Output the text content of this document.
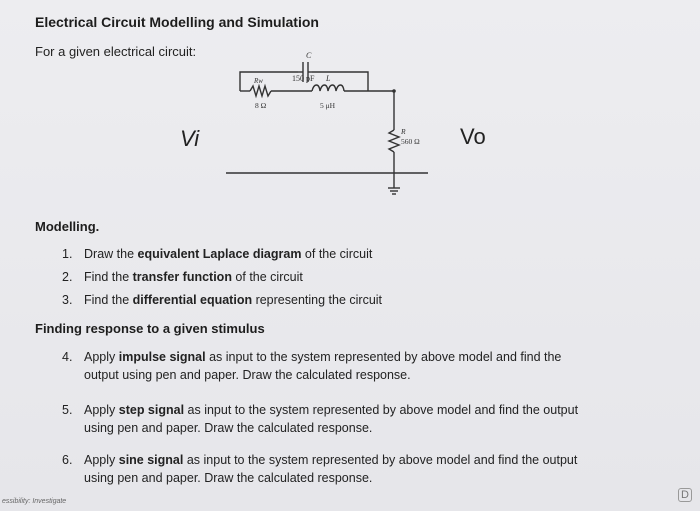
Electrical Circuit Modelling and Simulation
For a given electrical circuit:	C
150 pF
Rw
8 Ω
L
5 μH
R
560 Ω
Vi	Vo
Modelling.
1. Draw the equivalent Laplace diagram of the circuit
2. Find the transfer function of the circuit
3. Find the differential equation representing the circuit
Finding response to a given stimulus
4. Apply impulse signal as input to the system represented by above model and find the
output using pen and paper. Draw the calculated response.
5. Apply step signal as input to the system represented by above model and find the output
using pen and paper. Draw the calculated response.
6. Apply sine signal as input to the system represented by above model and find the output
using pen and paper. Draw the calculated response.
essibility: Investigate
D
